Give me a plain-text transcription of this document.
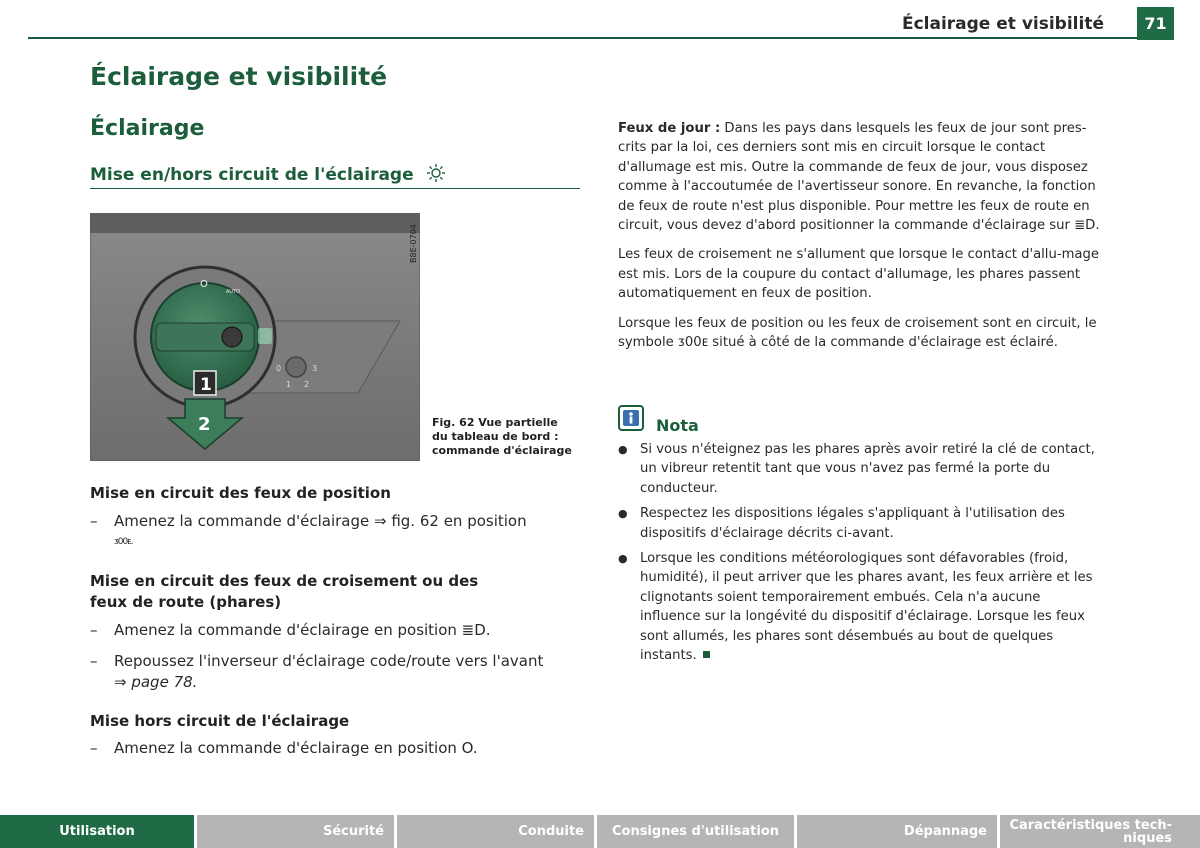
Éclairage et visibilité	71
Éclairage et visibilité
Éclairage
Mise en/hors circuit de l'éclairage
0	3
1 2
O
AUTO
1
2
B8E-0704
Fig. 62 Vue partielle
du tableau de bord :
commande d'éclairage
Mise en circuit des feux de position
–	Amenez la commande d'éclairage ⇒ fig. 62 en position
ᴣ00ᴇ.
Mise en circuit des feux de croisement ou des
feux de route (phares)
–	Amenez la commande d'éclairage en position ≣D.
–	Repoussez l'inverseur d'éclairage code/route vers l'avant
⇒ page 78.
Mise hors circuit de l'éclairage
–	Amenez la commande d'éclairage en position O.

Feux de jour : Dans les pays dans lesquels les feux de jour sont pres-crits par la loi, ces derniers sont mis en circuit lorsque le contact d'allumage est mis. Outre la commande de feux de jour, vous disposez comme à l'accoutumée de l'avertisseur sonore. En revanche, la fonction de feux de route n'est plus disponible. Pour mettre les feux de route en circuit, vous devez d'abord positionner la commande d'éclairage sur ≣D.

Les feux de croisement ne s'allument que lorsque le contact d'allu-mage est mis. Lors de la coupure du contact d'allumage, les phares passent automatiquement en feux de position.

Lorsque les feux de position ou les feux de croisement sont en circuit, le symbole ᴣ00ᴇ situé à côté de la commande d'éclairage est éclairé.

Nota
● Si vous n'éteignez pas les phares après avoir retiré la clé de contact, un vibreur retentit tant que vous n'avez pas fermé la porte du conducteur.
● Respectez les dispositions légales s'appliquant à l'utilisation des dispositifs d'éclairage décrits ci-avant.
● Lorsque les conditions météorologiques sont défavorables (froid, humidité), il peut arriver que les phares avant, les feux arrière et les clignotants soient temporairement embués. Cela n'a aucune influence sur la longévité du dispositif d'éclairage. Lorsque les feux sont allumés, les phares sont désembués au bout de quelques instants.
Utilisation	Sécurité	Conduite	Consignes d'utilisation	Dépannage	Caractéristiques tech-
niques
